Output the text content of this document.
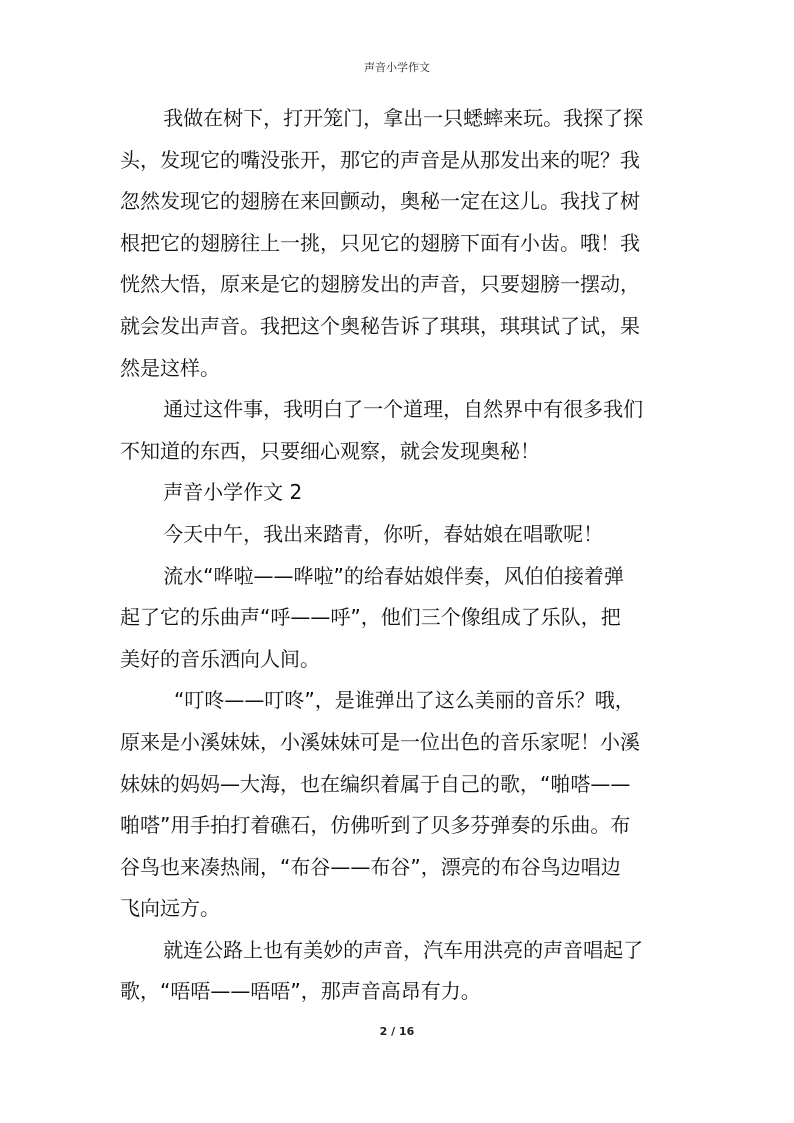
声音小学作文
我做在树下，打开笼门，拿出一只蟋蟀来玩。我探了探
头，发现它的嘴没张开，那它的声音是从那发出来的呢？我
忽然发现它的翅膀在来回颤动，奥秘一定在这儿。我找了树
根把它的翅膀往上一挑，只见它的翅膀下面有小齿。哦！我
恍然大悟，原来是它的翅膀发出的声音，只要翅膀一摆动，
就会发出声音。我把这个奥秘告诉了琪琪，琪琪试了试，果
然是这样。
通过这件事，我明白了一个道理，自然界中有很多我们
不知道的东西，只要细心观察，就会发现奥秘！
声音小学作文 2
今天中午，我出来踏青，你听，春姑娘在唱歌呢！
流水“哗啦——哗啦”的给春姑娘伴奏，风伯伯接着弹
起了它的乐曲声“呼——呼”，他们三个像组成了乐队，把
美好的音乐洒向人间。
“叮咚——叮咚”，是谁弹出了这么美丽的音乐？哦，
原来是小溪妹妹，小溪妹妹可是一位出色的音乐家呢！小溪
妹妹的妈妈—大海，也在编织着属于自己的歌，“啪嗒——
啪嗒”用手拍打着礁石，仿佛听到了贝多芬弹奏的乐曲。布
谷鸟也来凑热闹，“布谷——布谷”，漂亮的布谷鸟边唱边
飞向远方。
就连公路上也有美妙的声音，汽车用洪亮的声音唱起了
歌，“唔唔——唔唔”，那声音高昂有力。
2 / 16
